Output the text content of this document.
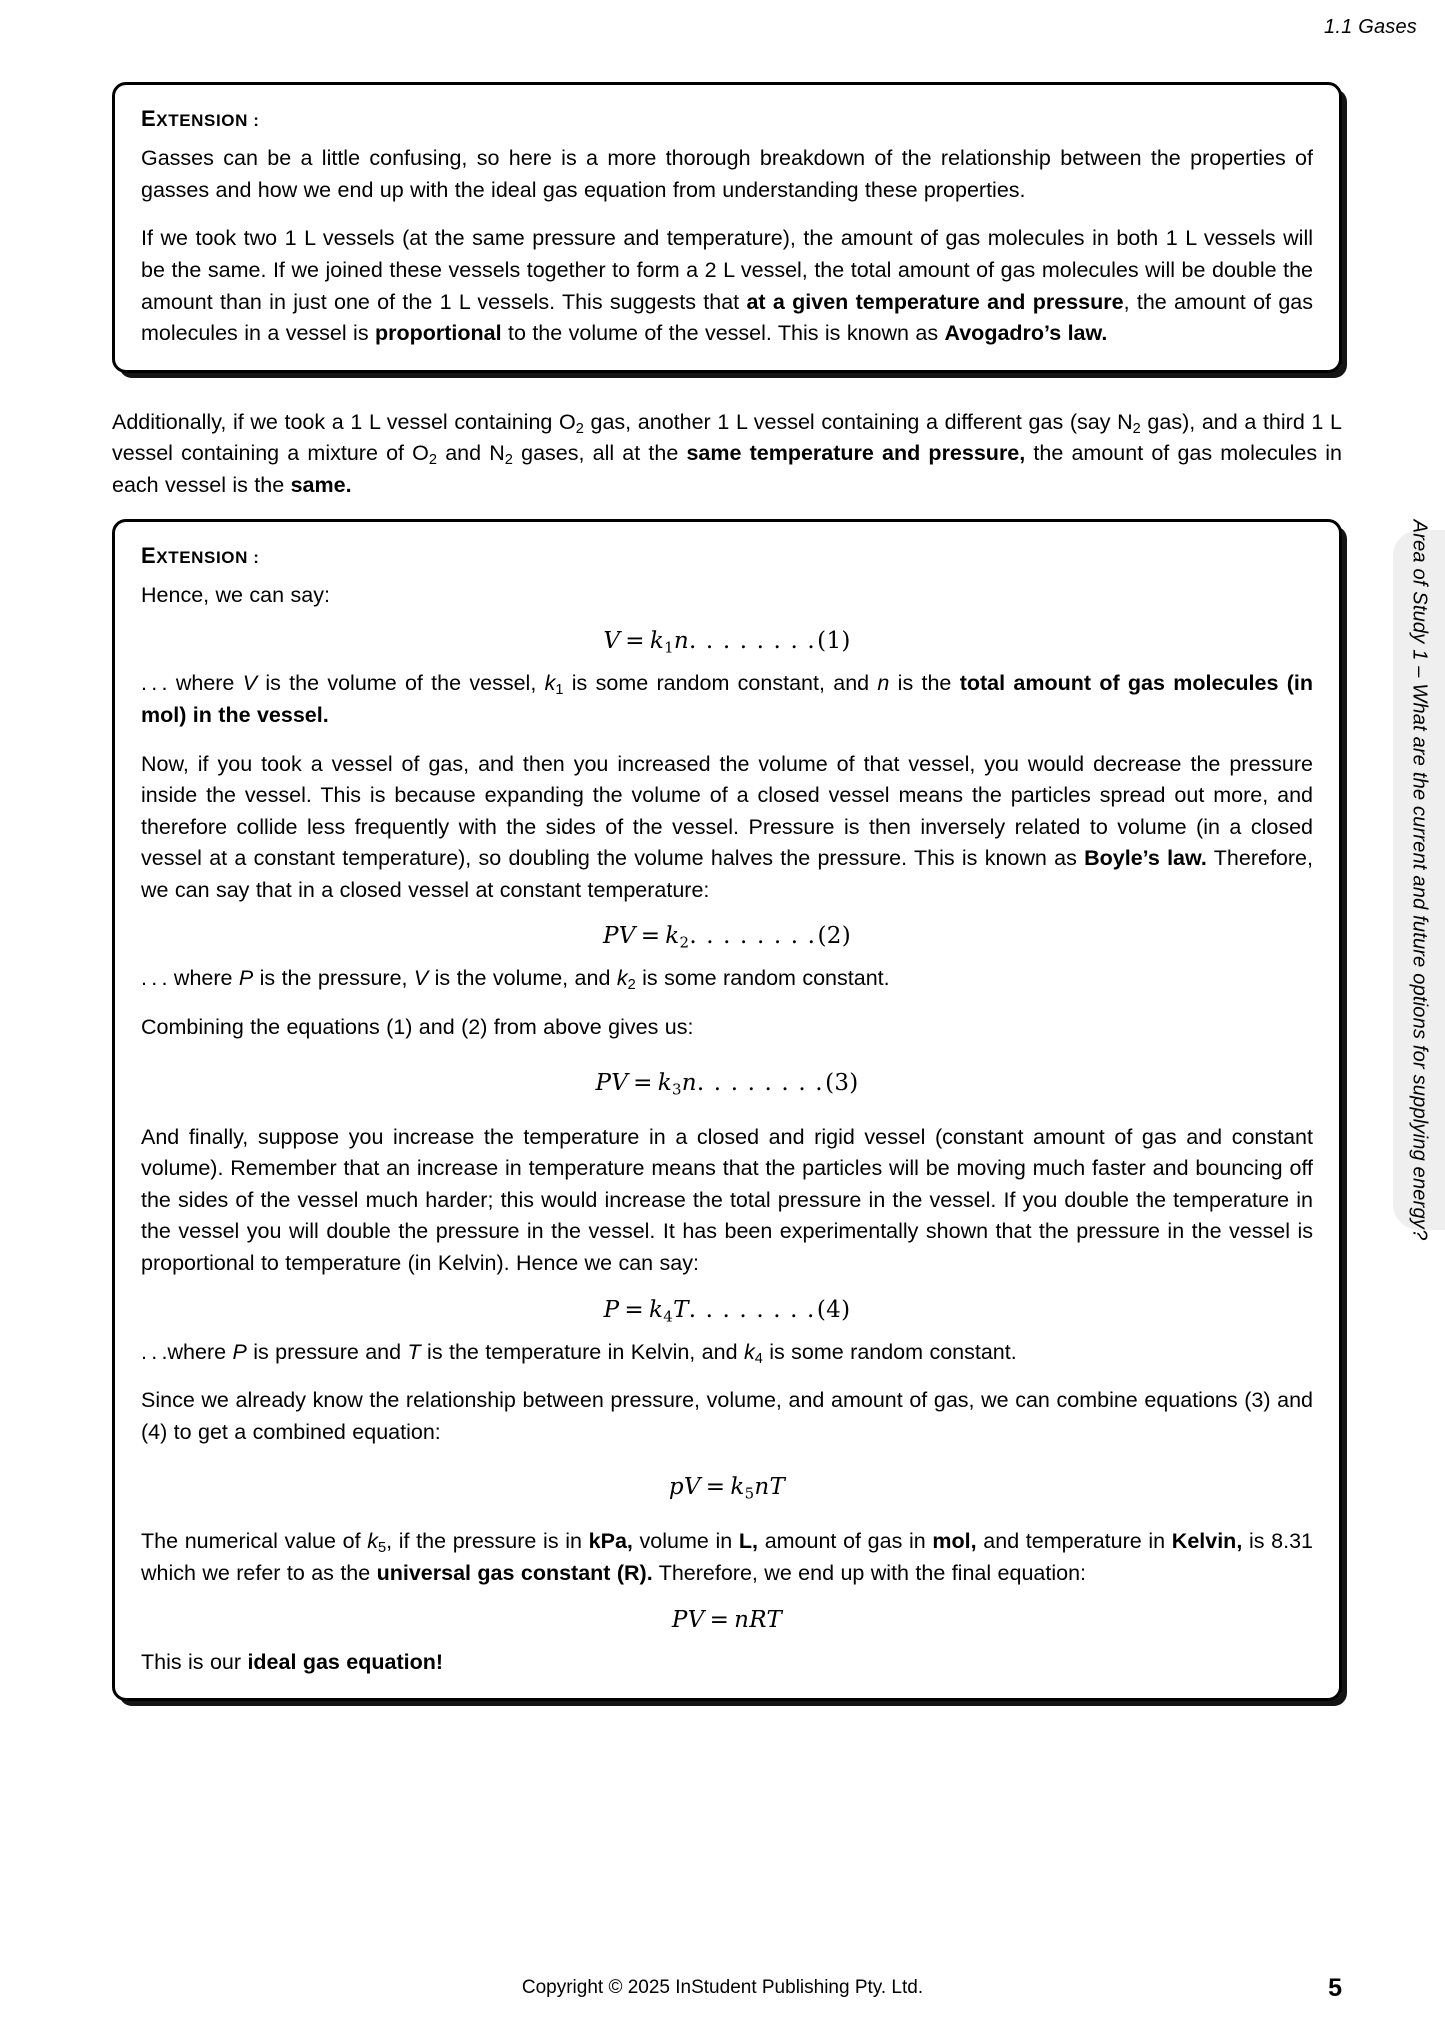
1.1 Gases
Area of Study 1 – What are the current and future options for supplying energy?
EXTENSION :

Gasses can be a little confusing, so here is a more thorough breakdown of the relationship between the properties of gasses and how we end up with the ideal gas equation from understanding these properties.

If we took two 1 L vessels (at the same pressure and temperature), the amount of gas molecules in both 1 L vessels will be the same. If we joined these vessels together to form a 2 L vessel, the total amount of gas molecules will be double the amount than in just one of the 1 L vessels. This suggests that at a given temperature and pressure, the amount of gas molecules in a vessel is proportional to the volume of the vessel. This is known as Avogadro’s law.

Additionally, if we took a 1 L vessel containing $O_2$ gas, another 1 L vessel containing a different gas (say $N_2$ gas), and a third 1 L vessel containing a mixture of $O_2$ and $N_2$ gases, all at the same temperature and pressure, the amount of gas molecules in each vessel is the same.

EXTENSION :

Hence, we can say:

$V = k_1n$. . . . . . . .(1)

. . . where V is the volume of the vessel, $k_1$ is some random constant, and n is the total amount of gas molecules (in mol) in the vessel.

Now, if you took a vessel of gas, and then you increased the volume of that vessel, you would decrease the pressure inside the vessel. This is because expanding the volume of a closed vessel means the particles spread out more, and therefore collide less frequently with the sides of the vessel. Pressure is then inversely related to volume (in a closed vessel at a constant temperature), so doubling the volume halves the pressure. This is known as Boyle’s law. Therefore, we can say that in a closed vessel at constant temperature:

PV = $k_2$. . . . . . . .(2)

. . . where P is the pressure, V is the volume, and $k_2$ is some random constant.

Combining the equations (1) and (2) from above gives us:

PV = $k_3n$. . . . . . . .(3)

And finally, suppose you increase the temperature in a closed and rigid vessel (constant amount of gas and constant volume). Remember that an increase in temperature means that the particles will be moving much faster and bouncing off the sides of the vessel much harder; this would increase the total pressure in the vessel. If you double the temperature in the vessel you will double the pressure in the vessel. It has been experimentally shown that the pressure in the vessel is proportional to temperature (in Kelvin). Hence we can say:

$P = k_4T$. . . . . . . .(4)

. . .where P is pressure and T is the temperature in Kelvin, and $k_4$ is some random constant.

Since we already know the relationship between pressure, volume, and amount of gas, we can combine equations (3) and (4) to get a combined equation:

pV = $k_5nT$

The numerical value of $k_5$, if the pressure is in kPa, volume in L, amount of gas in mol, and temperature in Kelvin, is 8.31 which we refer to as the universal gas constant (R). Therefore, we end up with the final equation:

PV = nRT

This is our ideal gas equation!

Copyright © 2025 InStudent Publishing Pty. Ltd.	5
